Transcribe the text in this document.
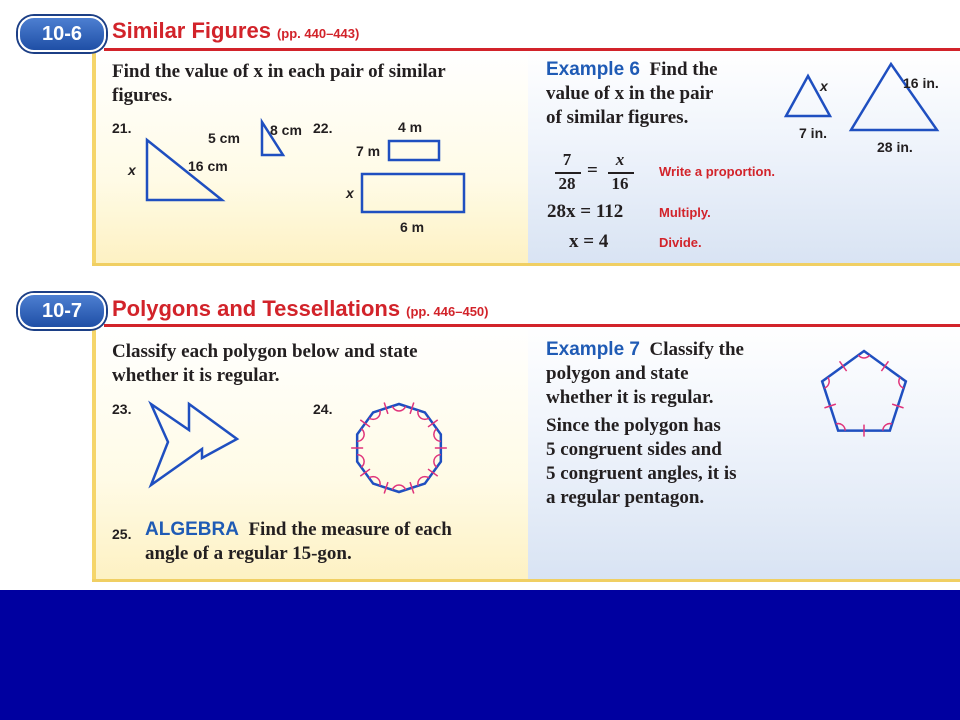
10-6	Similar Figures (pp. 440–443)
Find the value of x in each pair of similar
figures.
21.
5 cm 8 cm
16 cm
x
22.	4 m
7 m
6 m
x
Example 6 Find the
value of x in the pair
of similar figures.
x
7 in.
16 in.
28 in.
7
28
=
x
16
Write a proportion.
28x = 112	Multiply.
x = 4	Divide.
10-7	Polygons and Tessellations (pp. 446–450)
Classify each polygon below and state
whether it is regular.
23.	24.
25. ALGEBRA Find the measure of each
angle of a regular 15-gon.
Example 7 Classify the
polygon and state
whether it is regular.
Since the polygon has
5 congruent sides and
5 congruent angles, it is
a regular pentagon.
